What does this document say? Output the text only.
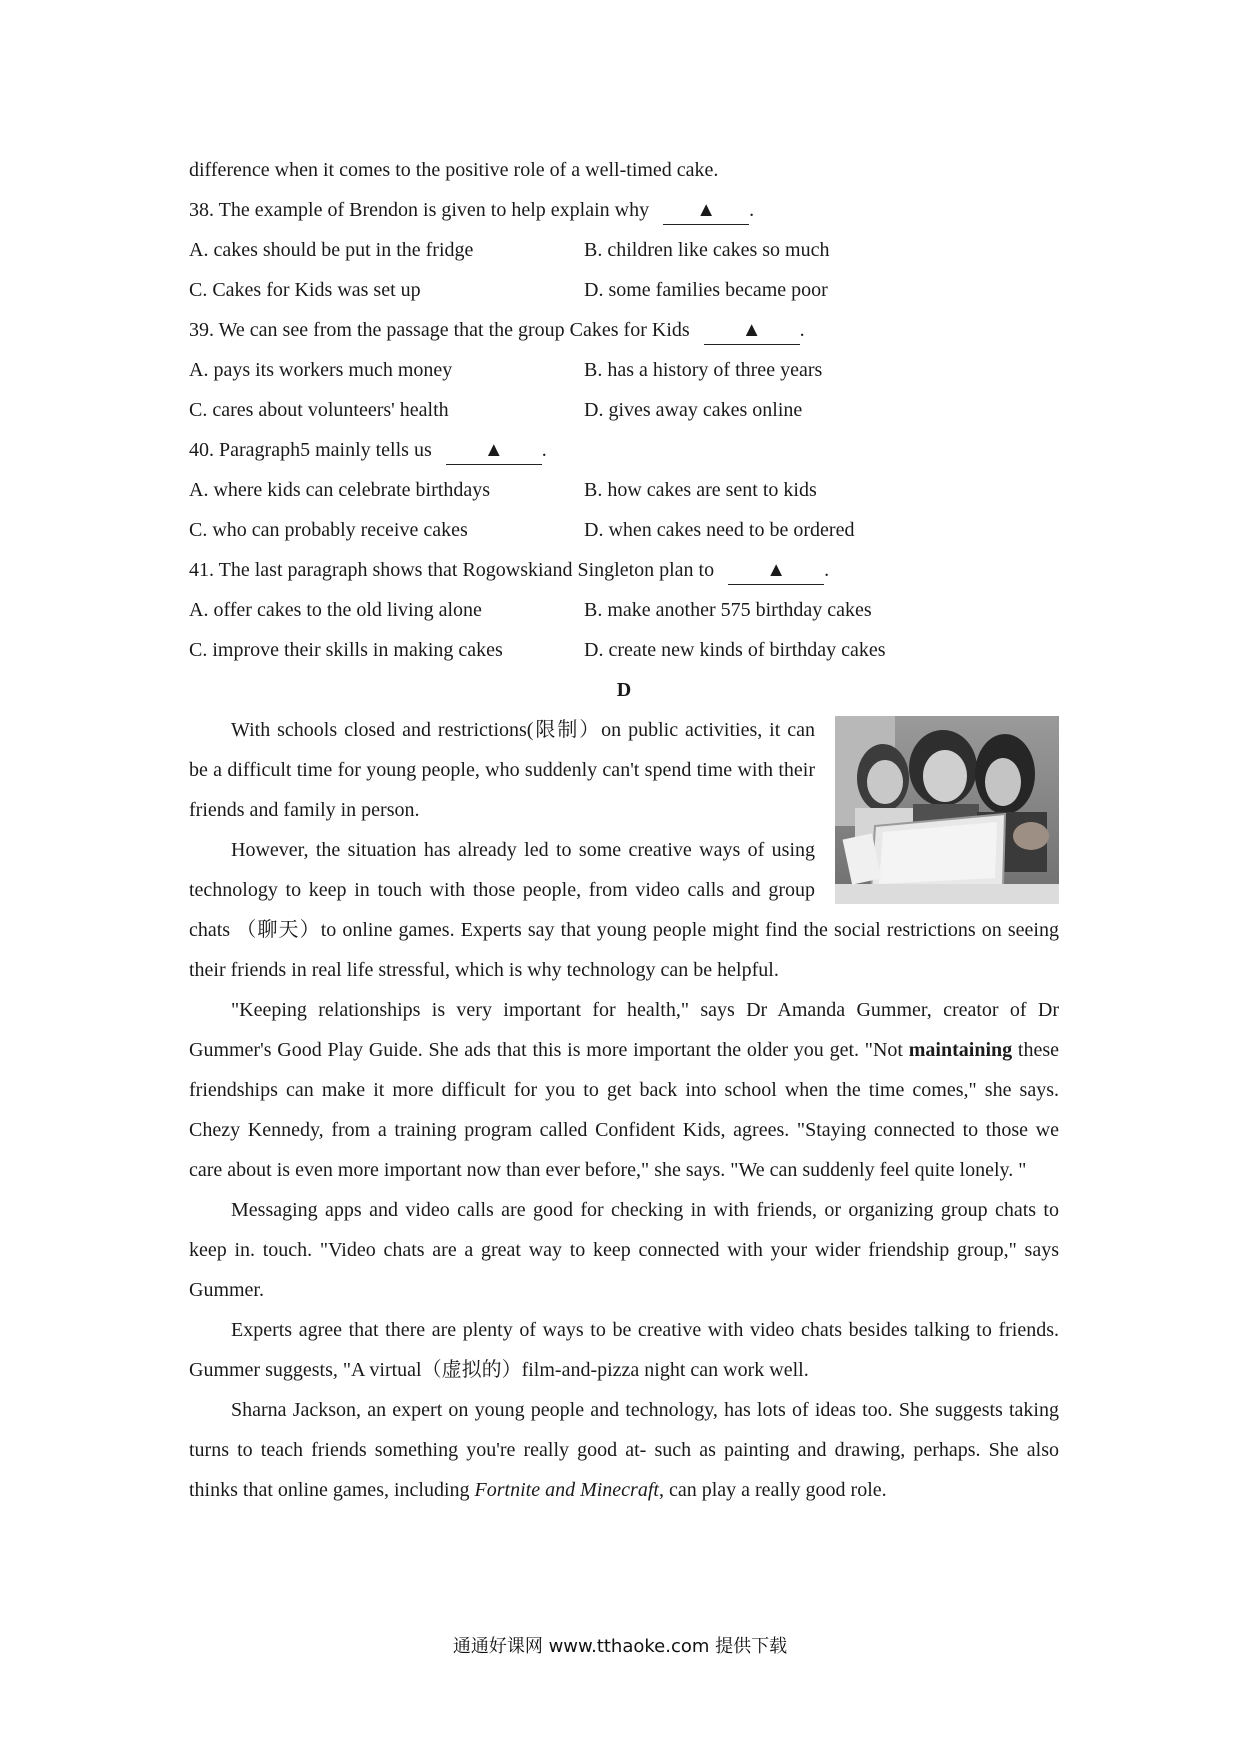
difference when it comes to the positive role of a well-timed cake.
38. The example of Brendon is given to help explain why ▲ .
A. cakes should be put in the fridge	B. children like cakes so much
C. Cakes for Kids was set up	D. some families became poor
39. We can see from the passage that the group Cakes for Kids	▲ .
A. pays its workers much money	B. has a history of three years
C. cares about volunteers' health	D. gives away cakes online
40. Paragraph5 mainly tells us	▲ .
A. where kids can celebrate birthdays	B. how cakes are sent to kids
C. who can probably receive cakes	D. when cakes need to be ordered
41. The last paragraph shows that Rogowskiand Singleton plan to	▲ .
A. offer cakes to the old living alone	B. make another 575 birthday cakes
C. improve their skills in making cakes	D. create new kinds of birthday cakes
D

With schools closed and restrictions(限制）on public activities, it can be a difficult time for young people, who suddenly can't spend time with their friends and family in person.

However, the situation has already led to some creative ways of using technology to keep in touch with those people, from video calls and group chats （聊天）to online games. Experts say that young people might find the social restrictions on seeing their friends in real life stressful, which is why technology can be helpful.

"Keeping relationships is very important for health," says Dr Amanda Gummer, creator of Dr Gummer's Good Play Guide. She ads that this is more important the older you get. "Not maintaining these friendships can make it more difficult for you to get back into school when the time comes," she says. Chezy Kennedy, from a training program called Confident Kids, agrees. "Staying connected to those we care about is even more important now than ever before," she says. "We can suddenly feel quite lonely. "

Messaging apps and video calls are good for checking in with friends, or organizing group chats to keep in. touch. "Video chats are a great way to keep connected with your wider friendship group," says Gummer.

Experts agree that there are plenty of ways to be creative with video chats besides talking to friends. Gummer suggests, "A virtual（虚拟的）film-and-pizza night can work well.

Sharna Jackson, an expert on young people and technology, has lots of ideas too. She suggests taking turns to teach friends something you're really good at- such as painting and drawing, perhaps. She also thinks that online games, including Fortnite and Minecraft, can play a really good role.

通通好课网 www.tthaoke.com 提供下载
